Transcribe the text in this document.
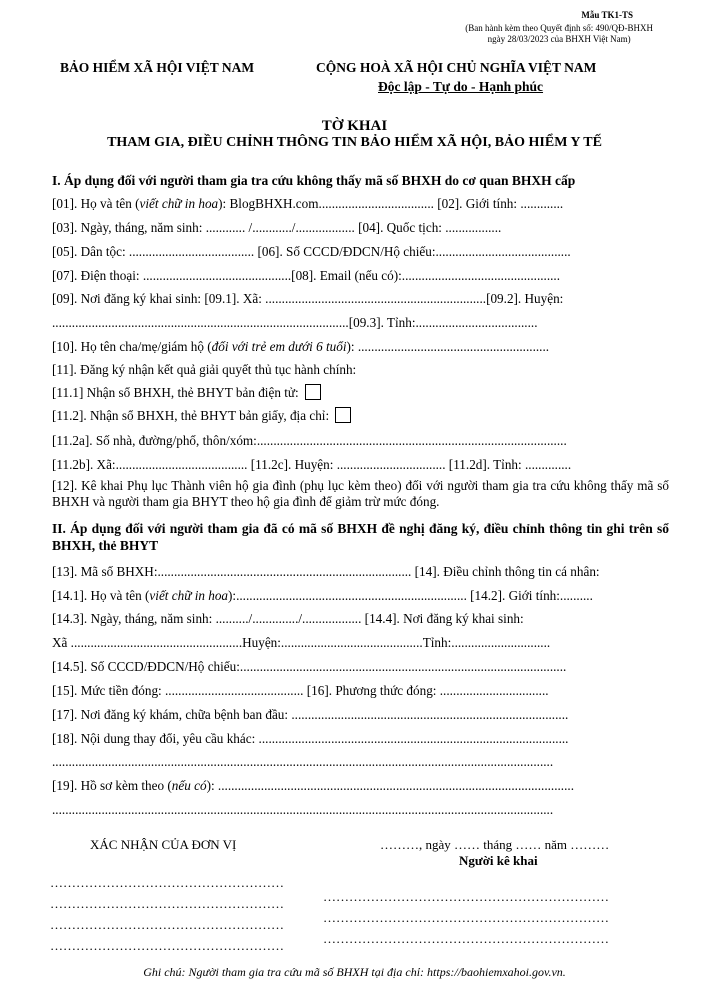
Mẫu TK1-TS
(Ban hành kèm theo Quyết định số: 490/QĐ-BHXH
ngày 28/03/2023 của BHXH Việt Nam)
BẢO HIỂM XÃ HỘI VIỆT NAM	CỘNG HOÀ XÃ HỘI CHỦ NGHĨA VIỆT NAM
Độc lập - Tự do - Hạnh phúc
TỜ KHAI
THAM GIA, ĐIỀU CHỈNH THÔNG TIN BẢO HIỂM XÃ HỘI, BẢO HIỂM Y TẾ
I. Áp dụng đối với người tham gia tra cứu không thấy mã số BHXH do cơ quan BHXH cấp
[01]. Họ và tên (viết chữ in hoa): BlogBHXH.com................................... [02]. Giới tính: .............
[03]. Ngày, tháng, năm sinh: ............ /............/.................. [04]. Quốc tịch: .................
[05]. Dân tộc: ...................................... [06]. Số CCCD/ĐDCN/Hộ chiếu:.........................................
[07]. Điện thoại: .............................................[08]. Email (nếu có):................................................
[09]. Nơi đăng ký khai sinh: [09.1]. Xã: ...................................................................[09.2]. Huyện:
..........................................................................................[09.3]. Tỉnh:.....................................
[10]. Họ tên cha/mẹ/giám hộ (đối với trẻ em dưới 6 tuổi): ..........................................................
[11]. Đăng ký nhận kết quả giải quyết thủ tục hành chính:
[11.1] Nhận sổ BHXH, thẻ BHYT bản điện tử:
[11.2]. Nhận sổ BHXH, thẻ BHYT bản giấy, địa chỉ:
[11.2a]. Số nhà, đường/phố, thôn/xóm:..............................................................................................
[11.2b]. Xã:........................................ [11.2c]. Huyện: ................................. [11.2d]. Tỉnh: ..............
[12]. Kê khai Phụ lục Thành viên hộ gia đình (phụ lục kèm theo) đối với người tham gia tra cứu không thấy mã số BHXH và người tham gia BHYT theo hộ gia đình để giảm trừ mức đóng.
II. Áp dụng đối với người tham gia đã có mã số BHXH đề nghị đăng ký, điều chỉnh thông tin ghi trên sổ BHXH, thẻ BHYT
[13]. Mã số BHXH:............................................................................. [14]. Điều chỉnh thông tin cá nhân:
[14.1]. Họ và tên (viết chữ in hoa):...................................................................... [14.2]. Giới tính:..........
[14.3]. Ngày, tháng, năm sinh: ........../............../.................. [14.4]. Nơi đăng ký khai sinh:
Xã ....................................................Huyện:...........................................Tỉnh:..............................
[14.5]. Số CCCD/ĐDCN/Hộ chiếu:...................................................................................................
[15]. Mức tiền đóng: .......................................... [16]. Phương thức đóng: .................................
[17]. Nơi đăng ký khám, chữa bệnh ban đầu: ....................................................................................
[18]. Nội dung thay đổi, yêu cầu khác: ..............................................................................................
........................................................................................................................................................
[19]. Hồ sơ kèm theo (nếu có): ............................................................................................................
........................................................................................................................................................
XÁC NHẬN CỦA ĐƠN VỊ	………, ngày …… tháng …… năm ………
Người kê khai
………………………………………………
………………………………………………
………………………………………………
………………………………………………
…………………………………………………………
…………………………………………………………
…………………………………………………………
Ghi chú: Người tham gia tra cứu mã số BHXH tại địa chỉ: https://baohiemxahoi.gov.vn.
